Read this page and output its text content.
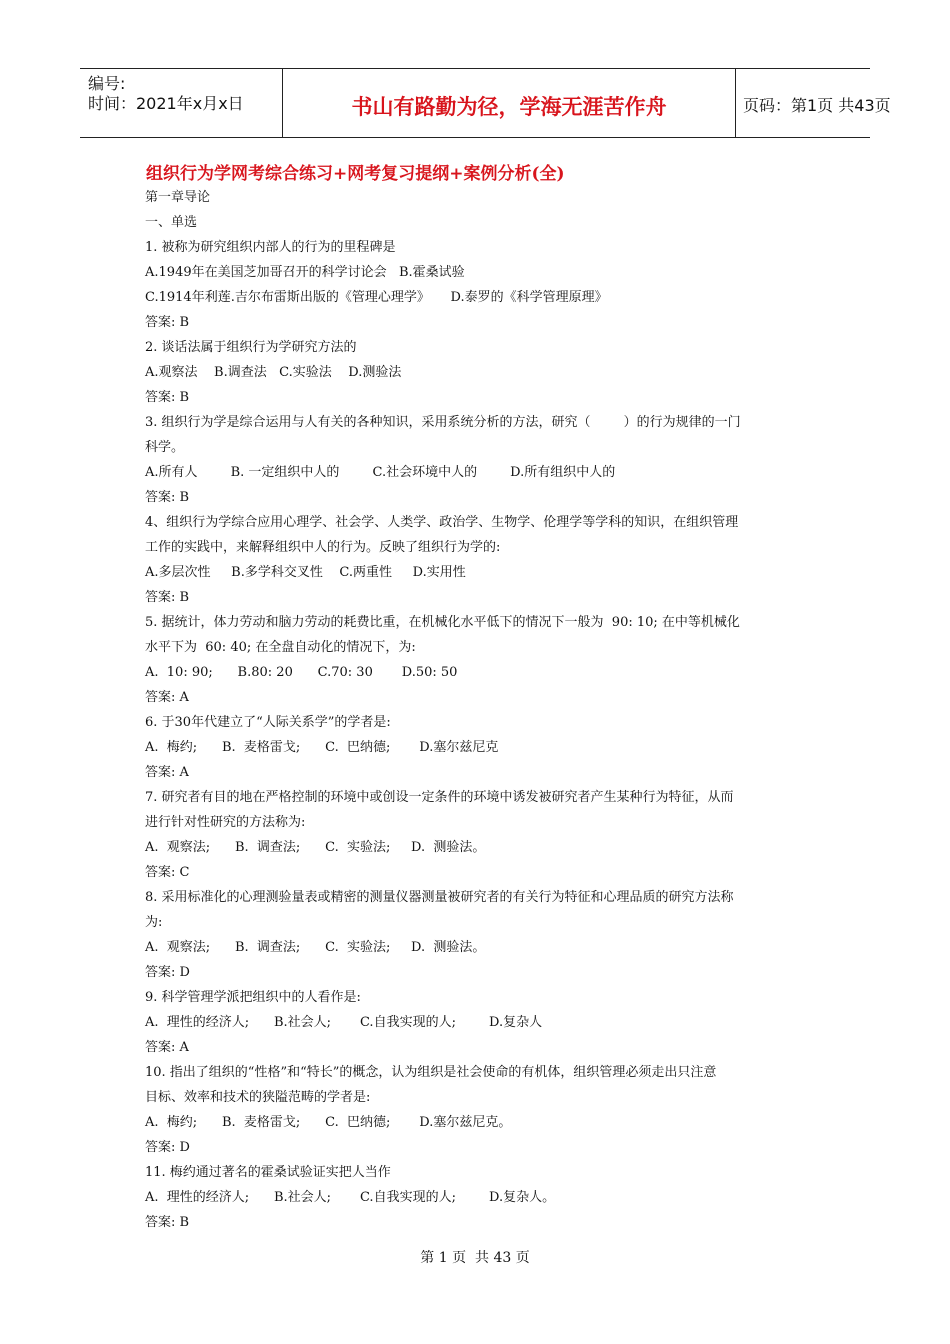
编号:
时间：2021年x月x日	书山有路勤为径，学海无涯苦作舟	页码：第1页 共43页
组织行为学网考综合练习+网考复习提纲+案例分析(全)
第一章导论
一、单选
1. 被称为研究组织内部人的行为的里程碑是
A.1949年在美国芝加哥召开的科学讨论会   B.霍桑试验
C.1914年利莲.吉尔布雷斯出版的《管理心理学》     D.泰罗的《科学管理原理》
答案: B
2. 谈话法属于组织行为学研究方法的
A.观察法    B.调查法   C.实验法    D.测验法
答案: B
3. 组织行为学是综合运用与人有关的各种知识，采用系统分析的方法，研究（        ）的行为规律的一门
科学。
A.所有人        B. 一定组织中人的        C.社会环境中人的        D.所有组织中人的
答案: B
4、组织行为学综合应用心理学、社会学、人类学、政治学、生物学、伦理学等学科的知识，在组织管理
工作的实践中，来解释组织中人的行为。反映了组织行为学的:
A.多层次性     B.多学科交叉性    C.两重性     D.实用性
答案: B
5. 据统计，体力劳动和脑力劳动的耗费比重，在机械化水平低下的情况下一般为  90: 10; 在中等机械化
水平下为  60: 40; 在全盘自动化的情况下，为:
A.  10: 90;      B.80: 20      C.70: 30       D.50: 50
答案: A
6. 于30年代建立了“人际关系学”的学者是:
A.  梅约;      B.  麦格雷戈;      C.  巴纳德;       D.塞尔兹尼克
答案: A
7. 研究者有目的地在严格控制的环境中或创设一定条件的环境中诱发被研究者产生某种行为特征，从而
进行针对性研究的方法称为:
A.  观察法;      B.  调查法;      C.  实验法;     D.  测验法。
答案: C
8. 采用标准化的心理测验量表或精密的测量仪器测量被研究者的有关行为特征和心理品质的研究方法称
为:
A.  观察法;      B.  调查法;      C.  实验法;     D.  测验法。
答案: D
9. 科学管理学派把组织中的人看作是:
A.  理性的经济人;      B.社会人;       C.自我实现的人;        D.复杂人
答案: A
10. 指出了组织的“性格”和“特长”的概念，认为组织是社会使命的有机体，组织管理必须走出只注意
目标、效率和技术的狭隘范畴的学者是:
A.  梅约;      B.  麦格雷戈;      C.  巴纳德;       D.塞尔兹尼克。
答案: D
11. 梅约通过著名的霍桑试验证实把人当作
A.  理性的经济人;      B.社会人;       C.自我实现的人;        D.复杂人。
答案: B
第 1 页  共 43 页
